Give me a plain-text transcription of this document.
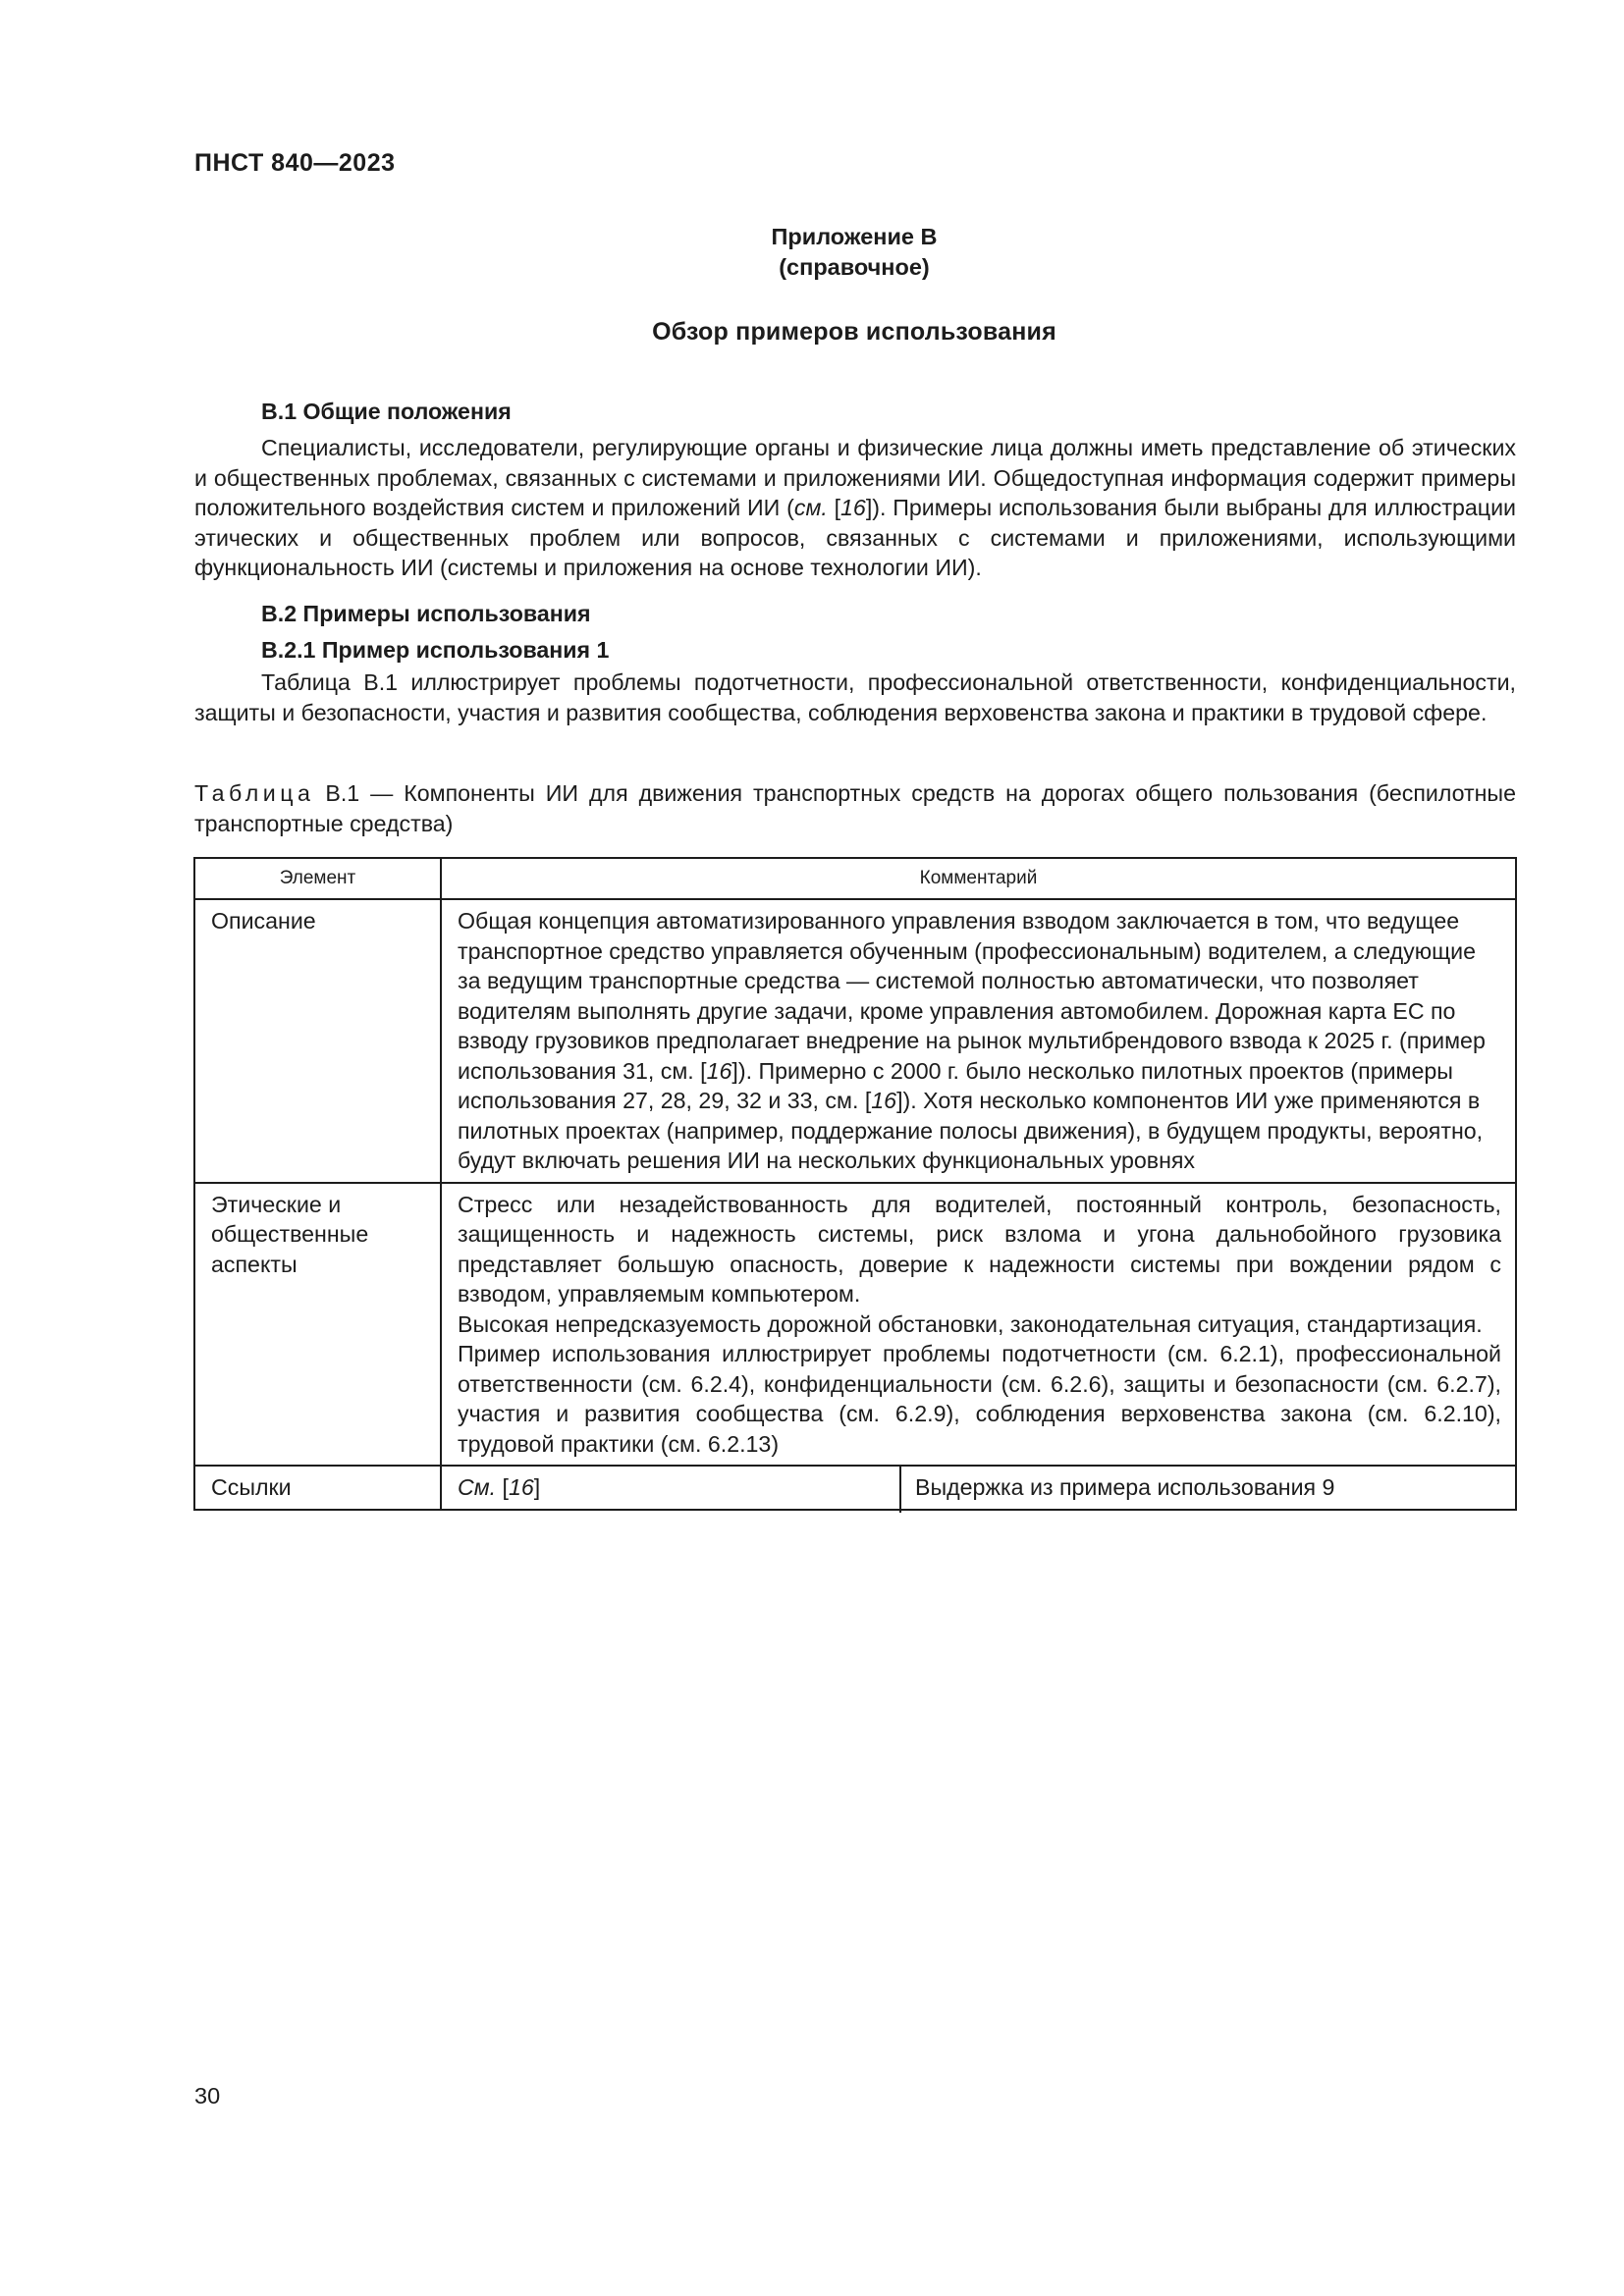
ПНСТ 840—2023
Приложение В
(справочное)
Обзор примеров использования

В.1 Общие положения

Специалисты, исследователи, регулирующие органы и физические лица должны иметь представление об этических и общественных проблемах, связанных с системами и приложениями ИИ. Общедоступная информация содержит примеры положительного воздействия систем и приложений ИИ (см. [16]). Примеры использования были выбраны для иллюстрации этических и общественных проблем или вопросов, связанных с системами и приложениями, использующими функциональность ИИ (системы и приложения на основе технологии ИИ).

В.2 Примеры использования

В.2.1 Пример использования 1

Таблица В.1 иллюстрирует проблемы подотчетности, профессиональной ответственности, конфиденциальности, защиты и безопасности, участия и развития сообщества, соблюдения верховенства закона и практики в трудовой сфере.

Таблица В.1 — Компоненты ИИ для движения транспортных средств на дорогах общего пользования (беспилотные транспортные средства)

Элемент	Комментарий
Описание	Общая концепция автоматизированного управления взводом заключается в том, что ведущее транспортное средство управляется обученным (профессиональным) водителем, а следующие за ведущим транспортные средства — системой полностью автоматически, что позволяет водителям выполнять другие задачи, кроме управления автомобилем. Дорожная карта ЕС по взводу грузовиков предполагает внедрение на рынок мультибрендового взвода к 2025 г. (пример использования 31, см. [16]). Примерно с 2000 г. было несколько пилотных проектов (примеры использования 27, 28, 29, 32 и 33, см. [16]). Хотя несколько компонентов ИИ уже применяются в пилотных проектах (например, поддержание полосы движения), в будущем продукты, вероятно, будут включать решения ИИ на нескольких функциональных уровнях
Этические и общественные аспекты	Стресс или незадействованность для водителей, постоянный контроль, безопасность, защищенность и надежность системы, риск взлома и угона дальнобойного грузовика представляет большую опасность, доверие к надежности системы при вождении рядом с взводом, управляемым компьютером.
Высокая непредсказуемость дорожной обстановки, законодательная ситуация, стандартизация.
Пример использования иллюстрирует проблемы подотчетности (см. 6.2.1), профессиональной ответственности (см. 6.2.4), конфиденциальности (см. 6.2.6), защиты и безопасности (см. 6.2.7), участия и развития сообщества (см. 6.2.9), соблюдения верховенства закона (см. 6.2.10), трудовой практики (см. 6.2.13)

Ссылки	См. [16] Выдержка из примера использования 9
30
